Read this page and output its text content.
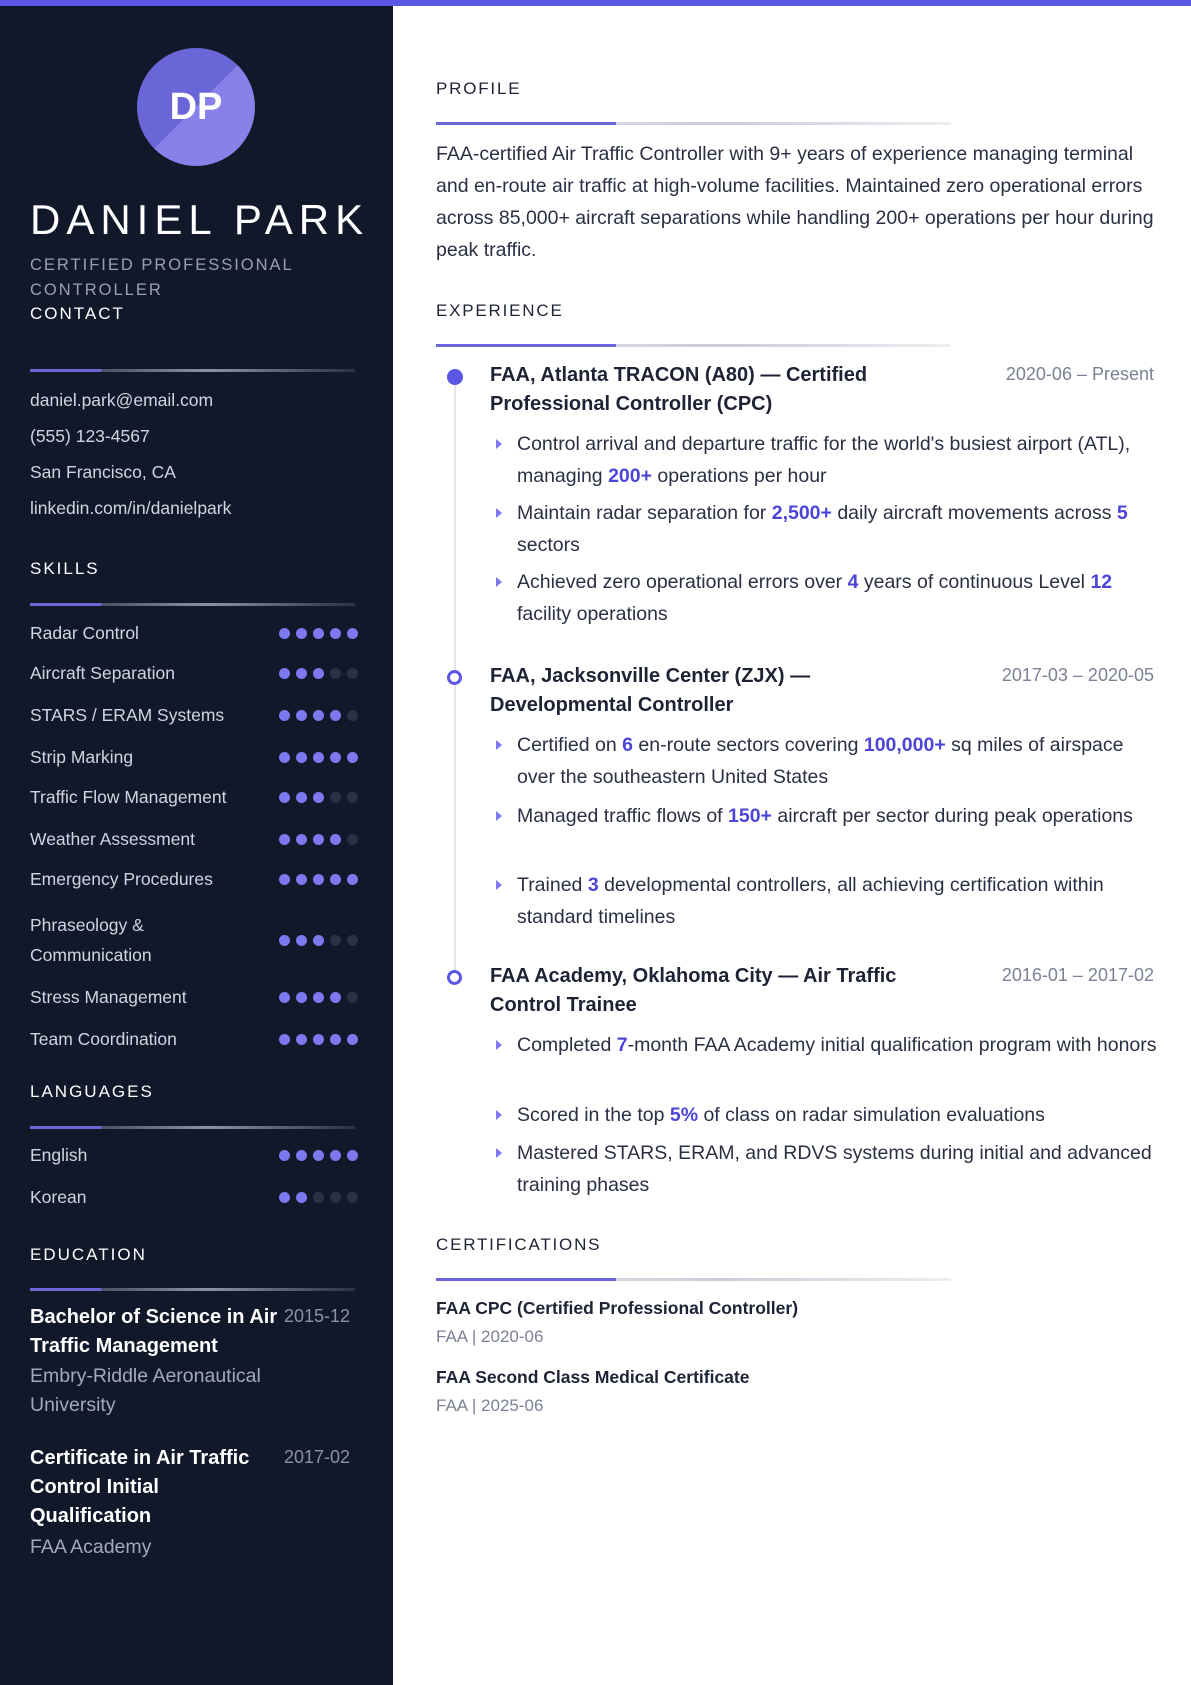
DP
DANIEL PARK
CERTIFIED PROFESSIONAL CONTROLLER
CONTACT
daniel.park@email.com
(555) 123-4567
San Francisco, CA
linkedin.com/in/danielpark
SKILLS
Radar Control
Aircraft Separation
STARS / ERAM Systems
Strip Marking
Traffic Flow Management
Weather Assessment
Emergency Procedures
Phraseology & Communication
Stress Management
Team Coordination
LANGUAGES
English
Korean
EDUCATION
Bachelor of Science in Air Traffic Management
2015-12
Embry-Riddle Aeronautical University
Certificate in Air Traffic Control Initial Qualification
2017-02
FAA Academy
PROFILE
FAA-certified Air Traffic Controller with 9+ years of experience managing terminal and en-route air traffic at high-volume facilities. Maintained zero operational errors across 85,000+ aircraft separations while handling 200+ operations per hour during peak traffic.
EXPERIENCE
FAA, Atlanta TRACON (A80) — Certified Professional Controller (CPC)
2020-06 – Present
Control arrival and departure traffic for the world's busiest airport (ATL), managing 200+ operations per hour
Maintain radar separation for 2,500+ daily aircraft movements across 5 sectors
Achieved zero operational errors over 4 years of continuous Level 12 facility operations
FAA, Jacksonville Center (ZJX) — Developmental Controller
2017-03 – 2020-05
Certified on 6 en-route sectors covering 100,000+ sq miles of airspace over the southeastern United States
Managed traffic flows of 150+ aircraft per sector during peak operations
Trained 3 developmental controllers, all achieving certification within standard timelines
FAA Academy, Oklahoma City — Air Traffic Control Trainee
2016-01 – 2017-02
Completed 7-month FAA Academy initial qualification program with honors
Scored in the top 5% of class on radar simulation evaluations
Mastered STARS, ERAM, and RDVS systems during initial and advanced training phases
CERTIFICATIONS
FAA CPC (Certified Professional Controller)
FAA | 2020-06
FAA Second Class Medical Certificate
FAA | 2025-06
